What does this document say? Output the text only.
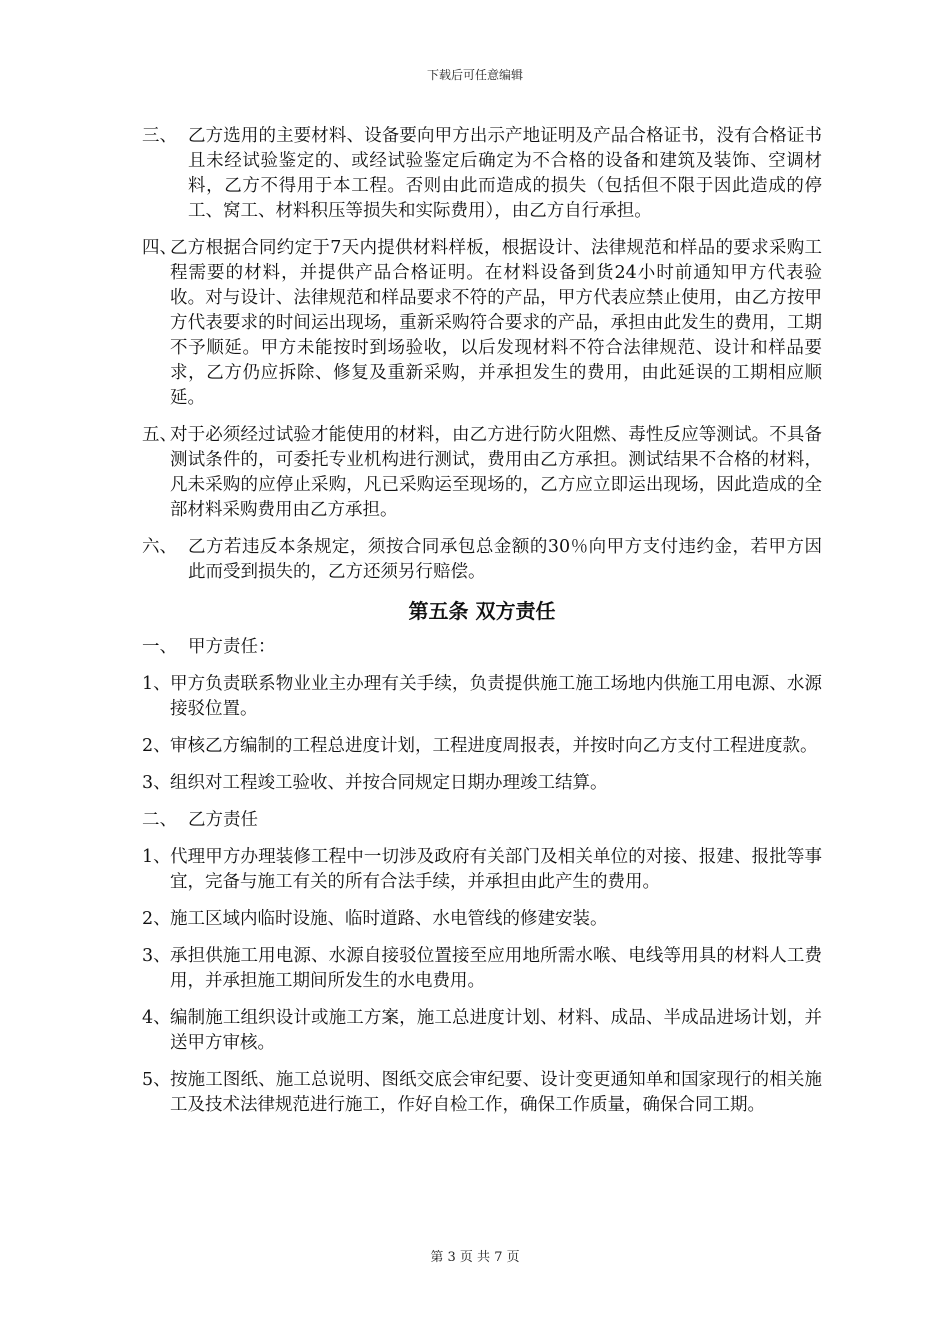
下载后可任意编辑
三、 乙方选用的主要材料、设备要向甲方出示产地证明及产品合格证书，没有合格证书且未经试验鉴定的、或经试验鉴定后确定为不合格的设备和建筑及装饰、空调材料，乙方不得用于本工程。否则由此而造成的损失（包括但不限于因此造成的停工、窝工、材料积压等损失和实际费用），由乙方自行承担。
四、
乙方根据合同约定于7天内提供材料样板，根据设计、法律规范和样品的要求采购工程需要的材料，并提供产品合格证明。在材料设备到货24小时前通知甲方代表验收。对与设计、法律规范和样品要求不符的产品，甲方代表应禁止使用，由乙方按甲方代表要求的时间运出现场，重新采购符合要求的产品，承担由此发生的费用，工期不予顺延。甲方未能按时到场验收，以后发现材料不符合法律规范、设计和样品要求，乙方仍应拆除、修复及重新采购，并承担发生的费用，由此延误的工期相应顺延。
五、
对于必须经过试验才能使用的材料，由乙方进行防火阻燃、毒性反应等测试。不具备测试条件的，可委托专业机构进行测试，费用由乙方承担。测试结果不合格的材料，凡未采购的应停止采购，凡已采购运至现场的，乙方应立即运出现场，因此造成的全部材料采购费用由乙方承担。
六、 乙方若违反本条规定，须按合同承包总金额的30％向甲方支付违约金，若甲方因此而受到损失的，乙方还须另行赔偿。
第五条 双方责任
一、 甲方责任：
1、 甲方负责联系物业业主办理有关手续，负责提供施工施工场地内供施工用电源、水源接驳位置。
2、 审核乙方编制的工程总进度计划，工程进度周报表，并按时向乙方支付工程进度款。
3、 组织对工程竣工验收、并按合同规定日期办理竣工结算。
二、 乙方责任
1、 代理甲方办理装修工程中一切涉及政府有关部门及相关单位的对接、报建、报批等事宜，完备与施工有关的所有合法手续，并承担由此产生的费用。
2、 施工区域内临时设施、临时道路、水电管线的修建安装。
3、 承担供施工用电源、水源自接驳位置接至应用地所需水喉、电线等用具的材料人工费用，并承担施工期间所发生的水电费用。
4、 编制施工组织设计或施工方案，施工总进度计划、材料、成品、半成品进场计划，并送甲方审核。
5、 按施工图纸、施工总说明、图纸交底会审纪要、设计变更通知单和国家现行的相关施工及技术法律规范进行施工，作好自检工作，确保工作质量，确保合同工期。
第 3 页 共 7 页
